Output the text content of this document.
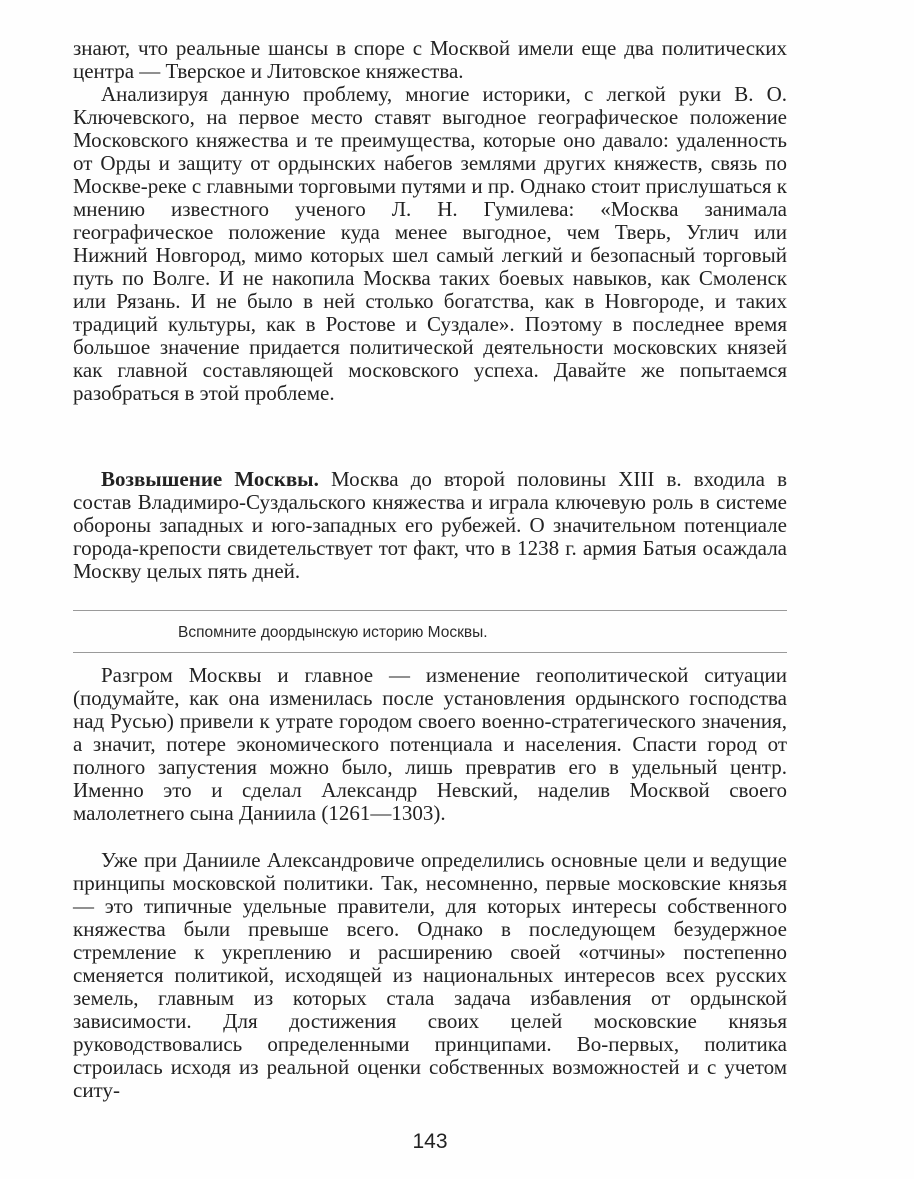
знают, что реальные шансы в споре с Москвой имели еще два политических центра — Тверское и Литовское княжества.

Анализируя данную проблему, многие историки, с легкой руки В. О. Ключевского, на первое место ставят выгодное географическое положение Московского княжества и те преимущества, которые оно давало: удаленность от Орды и защиту от ордынских набегов землями других княжеств, связь по Москве-реке с главными торговыми путями и пр. Однако стоит прислушаться к мнению известного ученого Л. Н. Гумилева: «Москва занимала географическое положение куда менее выгодное, чем Тверь, Углич или Нижний Новгород, мимо которых шел самый легкий и безопасный торговый путь по Волге. И не накопила Москва таких боевых навыков, как Смоленск или Рязань. И не было в ней столько богатства, как в Новгороде, и таких традиций культуры, как в Ростове и Суздале». Поэтому в последнее время большое значение придается политической деятельности московских князей как главной составляющей московского успеха. Давайте же попытаемся разобраться в этой проблеме.

Возвышение Москвы. Москва до второй половины XIII в. входила в состав Владимиро-Суздальского княжества и играла ключевую роль в системе обороны западных и юго-западных его рубежей. О значительном потенциале города-крепости свидетельствует тот факт, что в 1238 г. армия Батыя осаждала Москву целых пять дней.

Вспомните доордынскую историю Москвы.

Разгром Москвы и главное — изменение геополитической ситуации (подумайте, как она изменилась после установления ордынского господства над Русью) привели к утрате городом своего военно-стратегического значения, а значит, потере экономического потенциала и населения. Спасти город от полного запустения можно было, лишь превратив его в удельный центр. Именно это и сделал Александр Невский, наделив Москвой своего малолетнего сына Даниила (1261—1303).

Уже при Данииле Александровиче определились основные цели и ведущие принципы московской политики. Так, несомненно, первые московские князья — это типичные удельные правители, для которых интересы собственного княжества были превыше всего. Однако в последующем безудержное стремление к укреплению и расширению своей «отчины» постепенно сменяется политикой, исходящей из национальных интересов всех русских земель, главным из которых стала задача избавления от ордынской зависимости. Для достижения своих целей московские князья руководствовались определенными принципами. Во-первых, политика строилась исходя из реальной оценки собственных возможностей и с учетом ситу-

143
